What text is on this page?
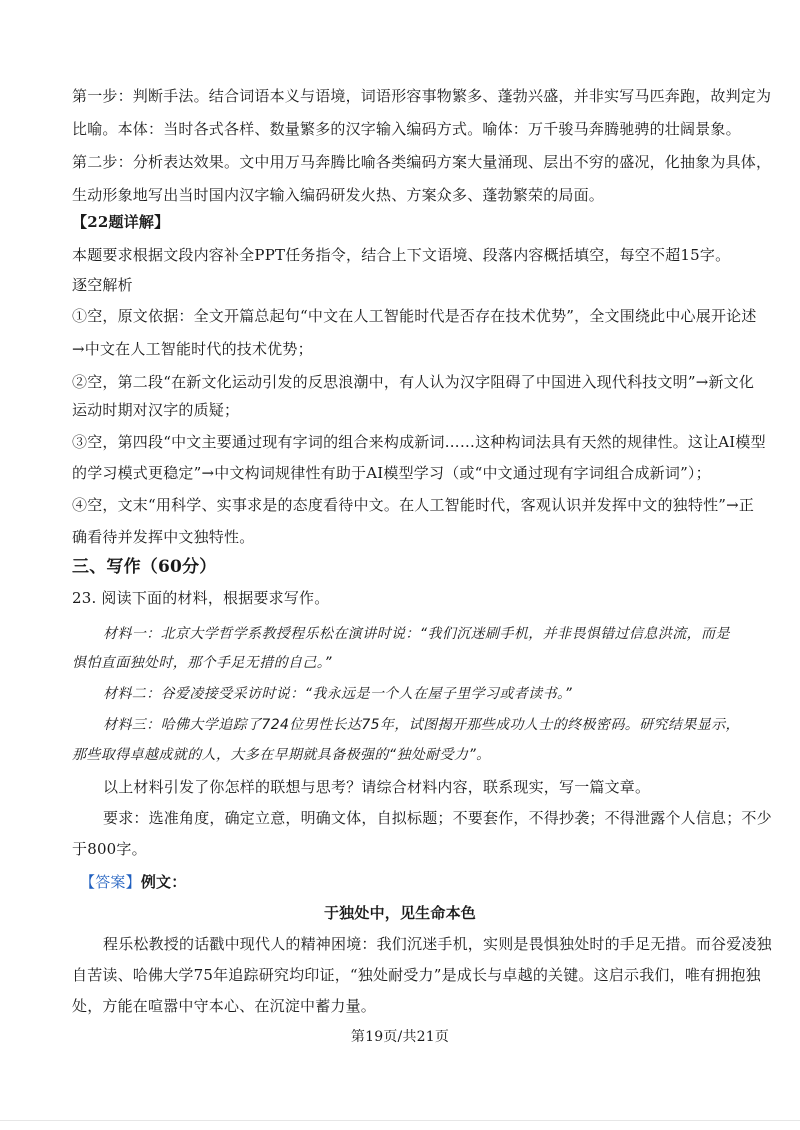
第一步：判断手法。结合词语本义与语境，词语形容事物繁多、蓬勃兴盛，并非实写马匹奔跑，故判定为
比喻。本体：当时各式各样、数量繁多的汉字输入编码方式。喻体：万千骏马奔腾驰骋的壮阔景象。
第二步：分析表达效果。文中用万马奔腾比喻各类编码方案大量涌现、层出不穷的盛况，化抽象为具体，
生动形象地写出当时国内汉字输入编码研发火热、方案众多、蓬勃繁荣的局面。
【22题详解】
本题要求根据文段内容补全PPT任务指令，结合上下文语境、段落内容概括填空，每空不超15字。
逐空解析
①空，原文依据：全文开篇总起句“中文在人工智能时代是否存在技术优势”，全文围绕此中心展开论述
→中文在人工智能时代的技术优势；
②空，第二段“在新文化运动引发的反思浪潮中，有人认为汉字阻碍了中国进入现代科技文明”→新文化
运动时期对汉字的质疑；
③空，第四段“中文主要通过现有字词的组合来构成新词……这种构词法具有天然的规律性。这让AI模型
的学习模式更稳定”→中文构词规律性有助于AI模型学习（或“中文通过现有字词组合成新词”）；
④空，文末“用科学、实事求是的态度看待中文。在人工智能时代，客观认识并发挥中文的独特性”→正
确看待并发挥中文独特性。
三、写作（60分）
23. 阅读下面的材料，根据要求写作。
材料一：北京大学哲学系教授程乐松在演讲时说：“我们沉迷刷手机，并非畏惧错过信息洪流，而是
惧怕直面独处时，那个手足无措的自己。”
材料二：谷爱凌接受采访时说：“我永远是一个人在屋子里学习或者读书。”
材料三：哈佛大学追踪了724位男性长达75年，试图揭开那些成功人士的终极密码。研究结果显示，
那些取得卓越成就的人，大多在早期就具备极强的“独处耐受力”。
以上材料引发了你怎样的联想与思考？请综合材料内容，联系现实，写一篇文章。
要求：选准角度，确定立意，明确文体，自拟标题；不要套作，不得抄袭；不得泄露个人信息；不少
于800字。
【答案】例文：
于独处中，见生命本色
程乐松教授的话戳中现代人的精神困境：我们沉迷手机，实则是畏惧独处时的手足无措。而谷爱凌独
自苦读、哈佛大学75年追踪研究均印证，“独处耐受力”是成长与卓越的关键。这启示我们，唯有拥抱独
处，方能在喧嚣中守本心、在沉淀中蓄力量。
第19页/共21页
